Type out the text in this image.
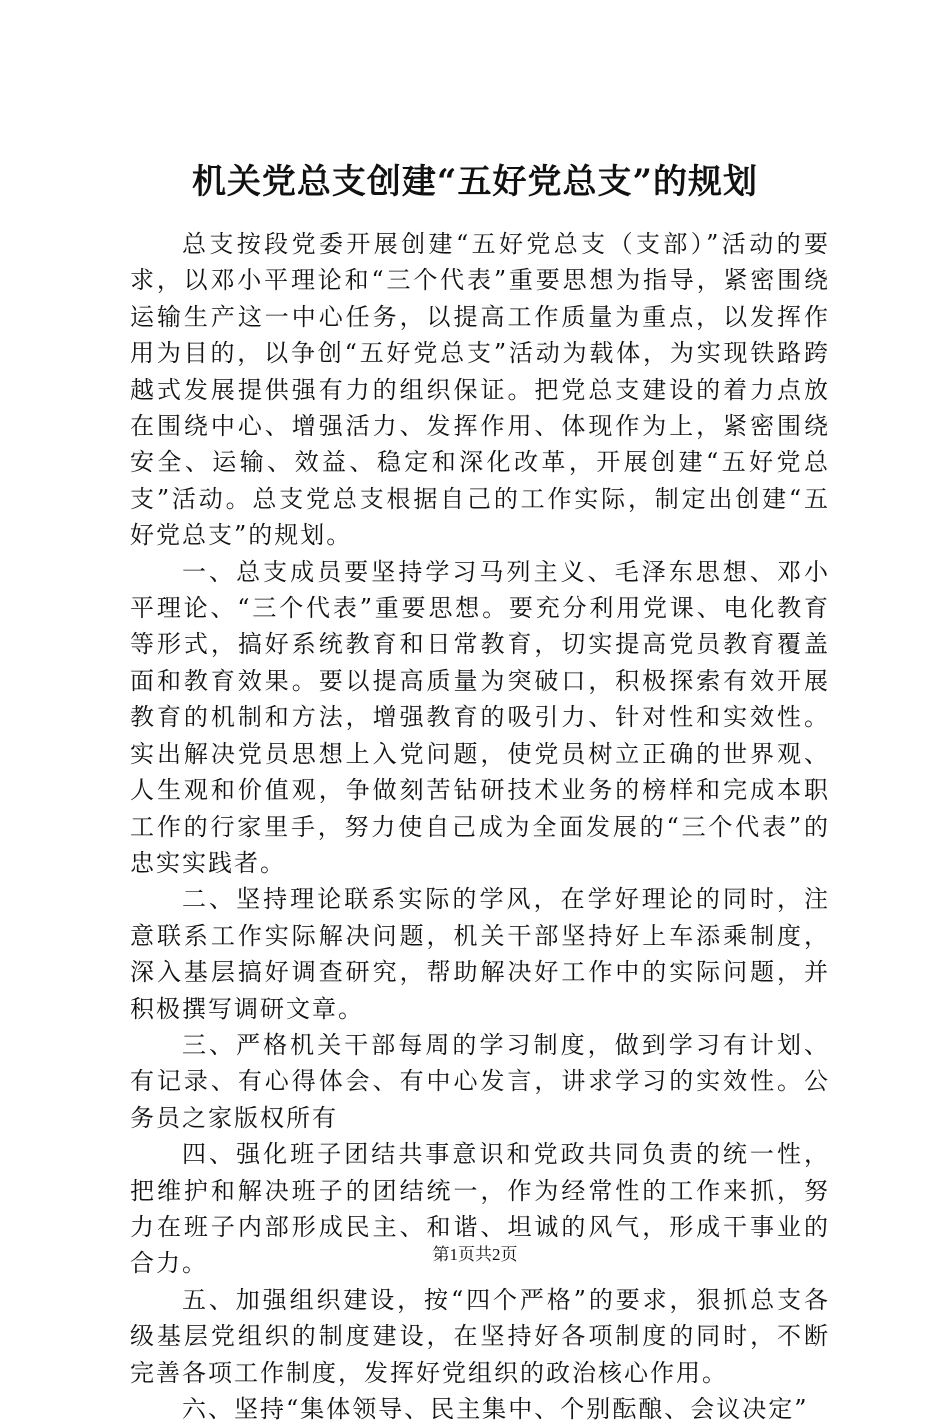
机关党总支创建“五好党总支”的规划

总支按段党委开展创建“五好党总支（支部）”活动的要求，以邓小平理论和“三个代表”重要思想为指导，紧密围绕运输生产这一中心任务，以提高工作质量为重点，以发挥作用为目的，以争创“五好党总支”活动为载体，为实现铁路跨越式发展提供强有力的组织保证。把党总支建设的着力点放在围绕中心、增强活力、发挥作用、体现作为上，紧密围绕安全、运输、效益、稳定和深化改革，开展创建“五好党总支”活动。总支党总支根据自己的工作实际，制定出创建“五好党总支”的规划。

一、总支成员要坚持学习马列主义、毛泽东思想、邓小平理论、“三个代表”重要思想。要充分利用党课、电化教育等形式，搞好系统教育和日常教育，切实提高党员教育覆盖面和教育效果。要以提高质量为突破口，积极探索有效开展教育的机制和方法，增强教育的吸引力、针对性和实效性。实出解决党员思想上入党问题，使党员树立正确的世界观、人生观和价值观，争做刻苦钻研技术业务的榜样和完成本职工作的行家里手，努力使自己成为全面发展的“三个代表”的忠实实践者。

二、坚持理论联系实际的学风，在学好理论的同时，注意联系工作实际解决问题，机关干部坚持好上车添乘制度，深入基层搞好调查研究，帮助解决好工作中的实际问题，并积极撰写调研文章。

三、严格机关干部每周的学习制度，做到学习有计划、有记录、有心得体会、有中心发言，讲求学习的实效性。公务员之家版权所有

四、强化班子团结共事意识和党政共同负责的统一性，把维护和解决班子的团结统一，作为经常性的工作来抓，努力在班子内部形成民主、和谐、坦诚的风气，形成干事业的合力。

五、加强组织建设，按“四个严格”的要求，狠抓总支各级基层党组织的制度建设，在坚持好各项制度的同时，不断完善各项工作制度，发挥好党组织的政治核心作用。

六、坚持“集体领导、民主集中、个别酝酿、会议决定”

第1页共2页
